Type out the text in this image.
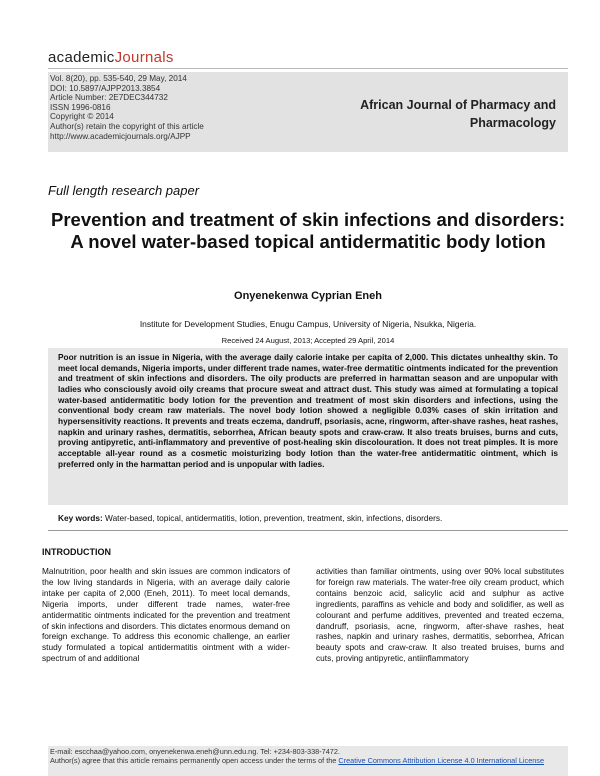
academicJournals
Vol. 8(20), pp. 535-540, 29 May, 2014
DOI: 10.5897/AJPP2013.3854
Article Number: 2E7DEC344732
ISSN 1996-0816
Copyright © 2014
Author(s) retain the copyright of this article
http://www.academicjournals.org/AJPP
African Journal of Pharmacy and Pharmacology
Full length research paper
Prevention and treatment of skin infections and disorders: A novel water-based topical antidermatitic body lotion
Onyenekenwa Cyprian Eneh
Institute for Development Studies, Enugu Campus, University of Nigeria, Nsukka, Nigeria.
Received 24 August, 2013; Accepted 29 April, 2014
Poor nutrition is an issue in Nigeria, with the average daily calorie intake per capita of 2,000. This dictates unhealthy skin. To meet local demands, Nigeria imports, under different trade names, water-free dermatitic ointments indicated for the prevention and treatment of skin infections and disorders. The oily products are preferred in harmattan season and are unpopular with ladies who consciously avoid oily creams that procure sweat and attract dust. This study was aimed at formulating a topical water-based antidermatitic body lotion for the prevention and treatment of most skin disorders and infections, using the conventional body cream raw materials. The novel body lotion showed a negligible 0.03% cases of skin irritation and hypersensitivity reactions. It prevents and treats eczema, dandruff, psoriasis, acne, ringworm, after-shave rashes, heat rashes, napkin and urinary rashes, dermatitis, seborrhea, African beauty spots and craw-craw. It also treats bruises, burns and cuts, proving antipyretic, anti-inflammatory and preventive of post-healing skin discolouration. It does not treat pimples. It is more acceptable all-year round as a cosmetic moisturizing body lotion than the water-free antidermatitic ointment, which is preferred only in the harmattan period and is unpopular with ladies.
Key words: Water-based, topical, antidermatitis, lotion, prevention, treatment, skin, infections, disorders.
INTRODUCTION
Malnutrition, poor health and skin issues are common indicators of the low living standards in Nigeria, with an average daily calorie intake per capita of 2,000 (Eneh, 2011). To meet local demands, Nigeria imports, under different trade names, water-free antidermatitic ointments indicated for the prevention and treatment of skin infections and disorders. This dictates enormous demand on foreign exchange. To address this economic challenge, an earlier study formulated a topical antidermatitis ointment with a wider-spectrum of and additional
activities than familiar ointments, using over 90% local substitutes for foreign raw materials. The water-free oily cream product, which contains benzoic acid, salicylic acid and sulphur as active ingredients, paraffins as vehicle and body and solidifier, as well as colourant and perfume additives, prevented and treated eczema, dandruff, psoriasis, acne, ringworm, after-shave rashes, heat rashes, napkin and urinary rashes, dermatitis, seborrhea, African beauty spots and craw-craw. It also treated bruises, burns and cuts, proving antipyretic, antiinflammatory
E-mail: escchaa@yahoo.com, onyenekenwa.eneh@unn.edu.ng. Tel: +234-803-338-7472.
Author(s) agree that this article remains permanently open access under the terms of the Creative Commons Attribution License 4.0 International License
